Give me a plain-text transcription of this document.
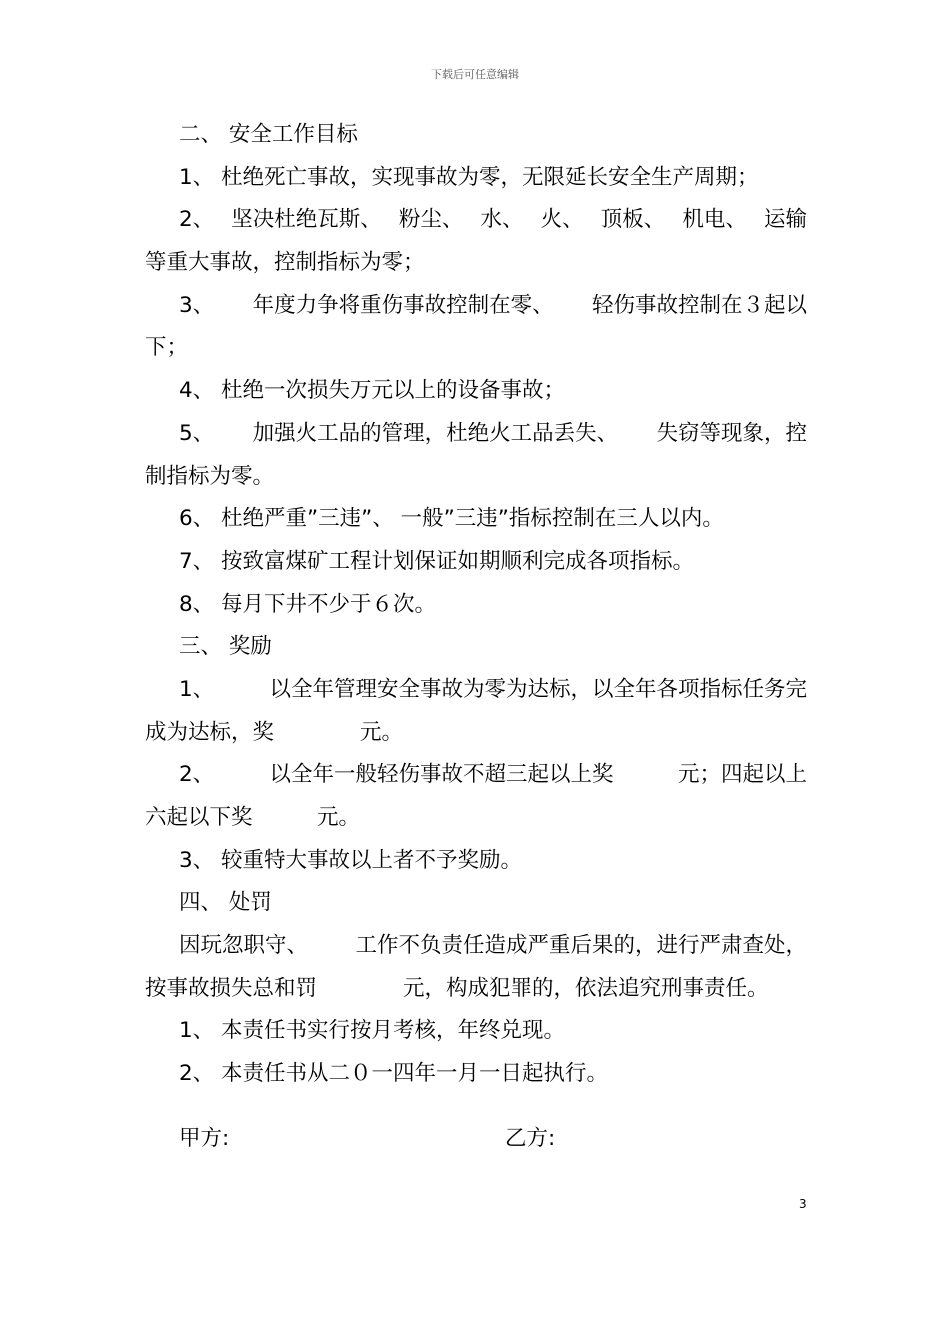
下载后可任意编辑
二、 安全工作目标
1、 杜绝死亡事故，实现事故为零，无限延长安全生产周期；
2、 坚决杜绝瓦斯、 粉尘、 水、 火、 顶板、 机电、 运输
等重大事故，控制指标为零；
3、 年度力争将重伤事故控制在零、 轻伤事故控制在３起以
下；
4、 杜绝一次损失万元以上的设备事故；
5、 加强火工品的管理，杜绝火工品丢失、 失窃等现象，控
制指标为零。
6、 杜绝严重”三违”、 一般”三违”指标控制在三人以内。
7、 按致富煤矿工程计划保证如期顺利完成各项指标。
8、 每月下井不少于６次。
三、 奖励
1、	以全年管理安全事故为零为达标，以全年各项指标任务完
成为达标，奖　　　　元。
2、	以全年一般轻伤事故不超三起以上奖　　　元；四起以上
六起以下奖　　　元。
3、 较重特大事故以上者不予奖励。
四、 处罚
因玩忽职守、 工作不负责任造成严重后果的，进行严肃查处，
按事故损失总和罚　　　　元，构成犯罪的，依法追究刑事责任。
1、 本责任书实行按月考核，年终兑现。
2、 本责任书从二０一四年一月一日起执行。
甲方:	乙方:
3
